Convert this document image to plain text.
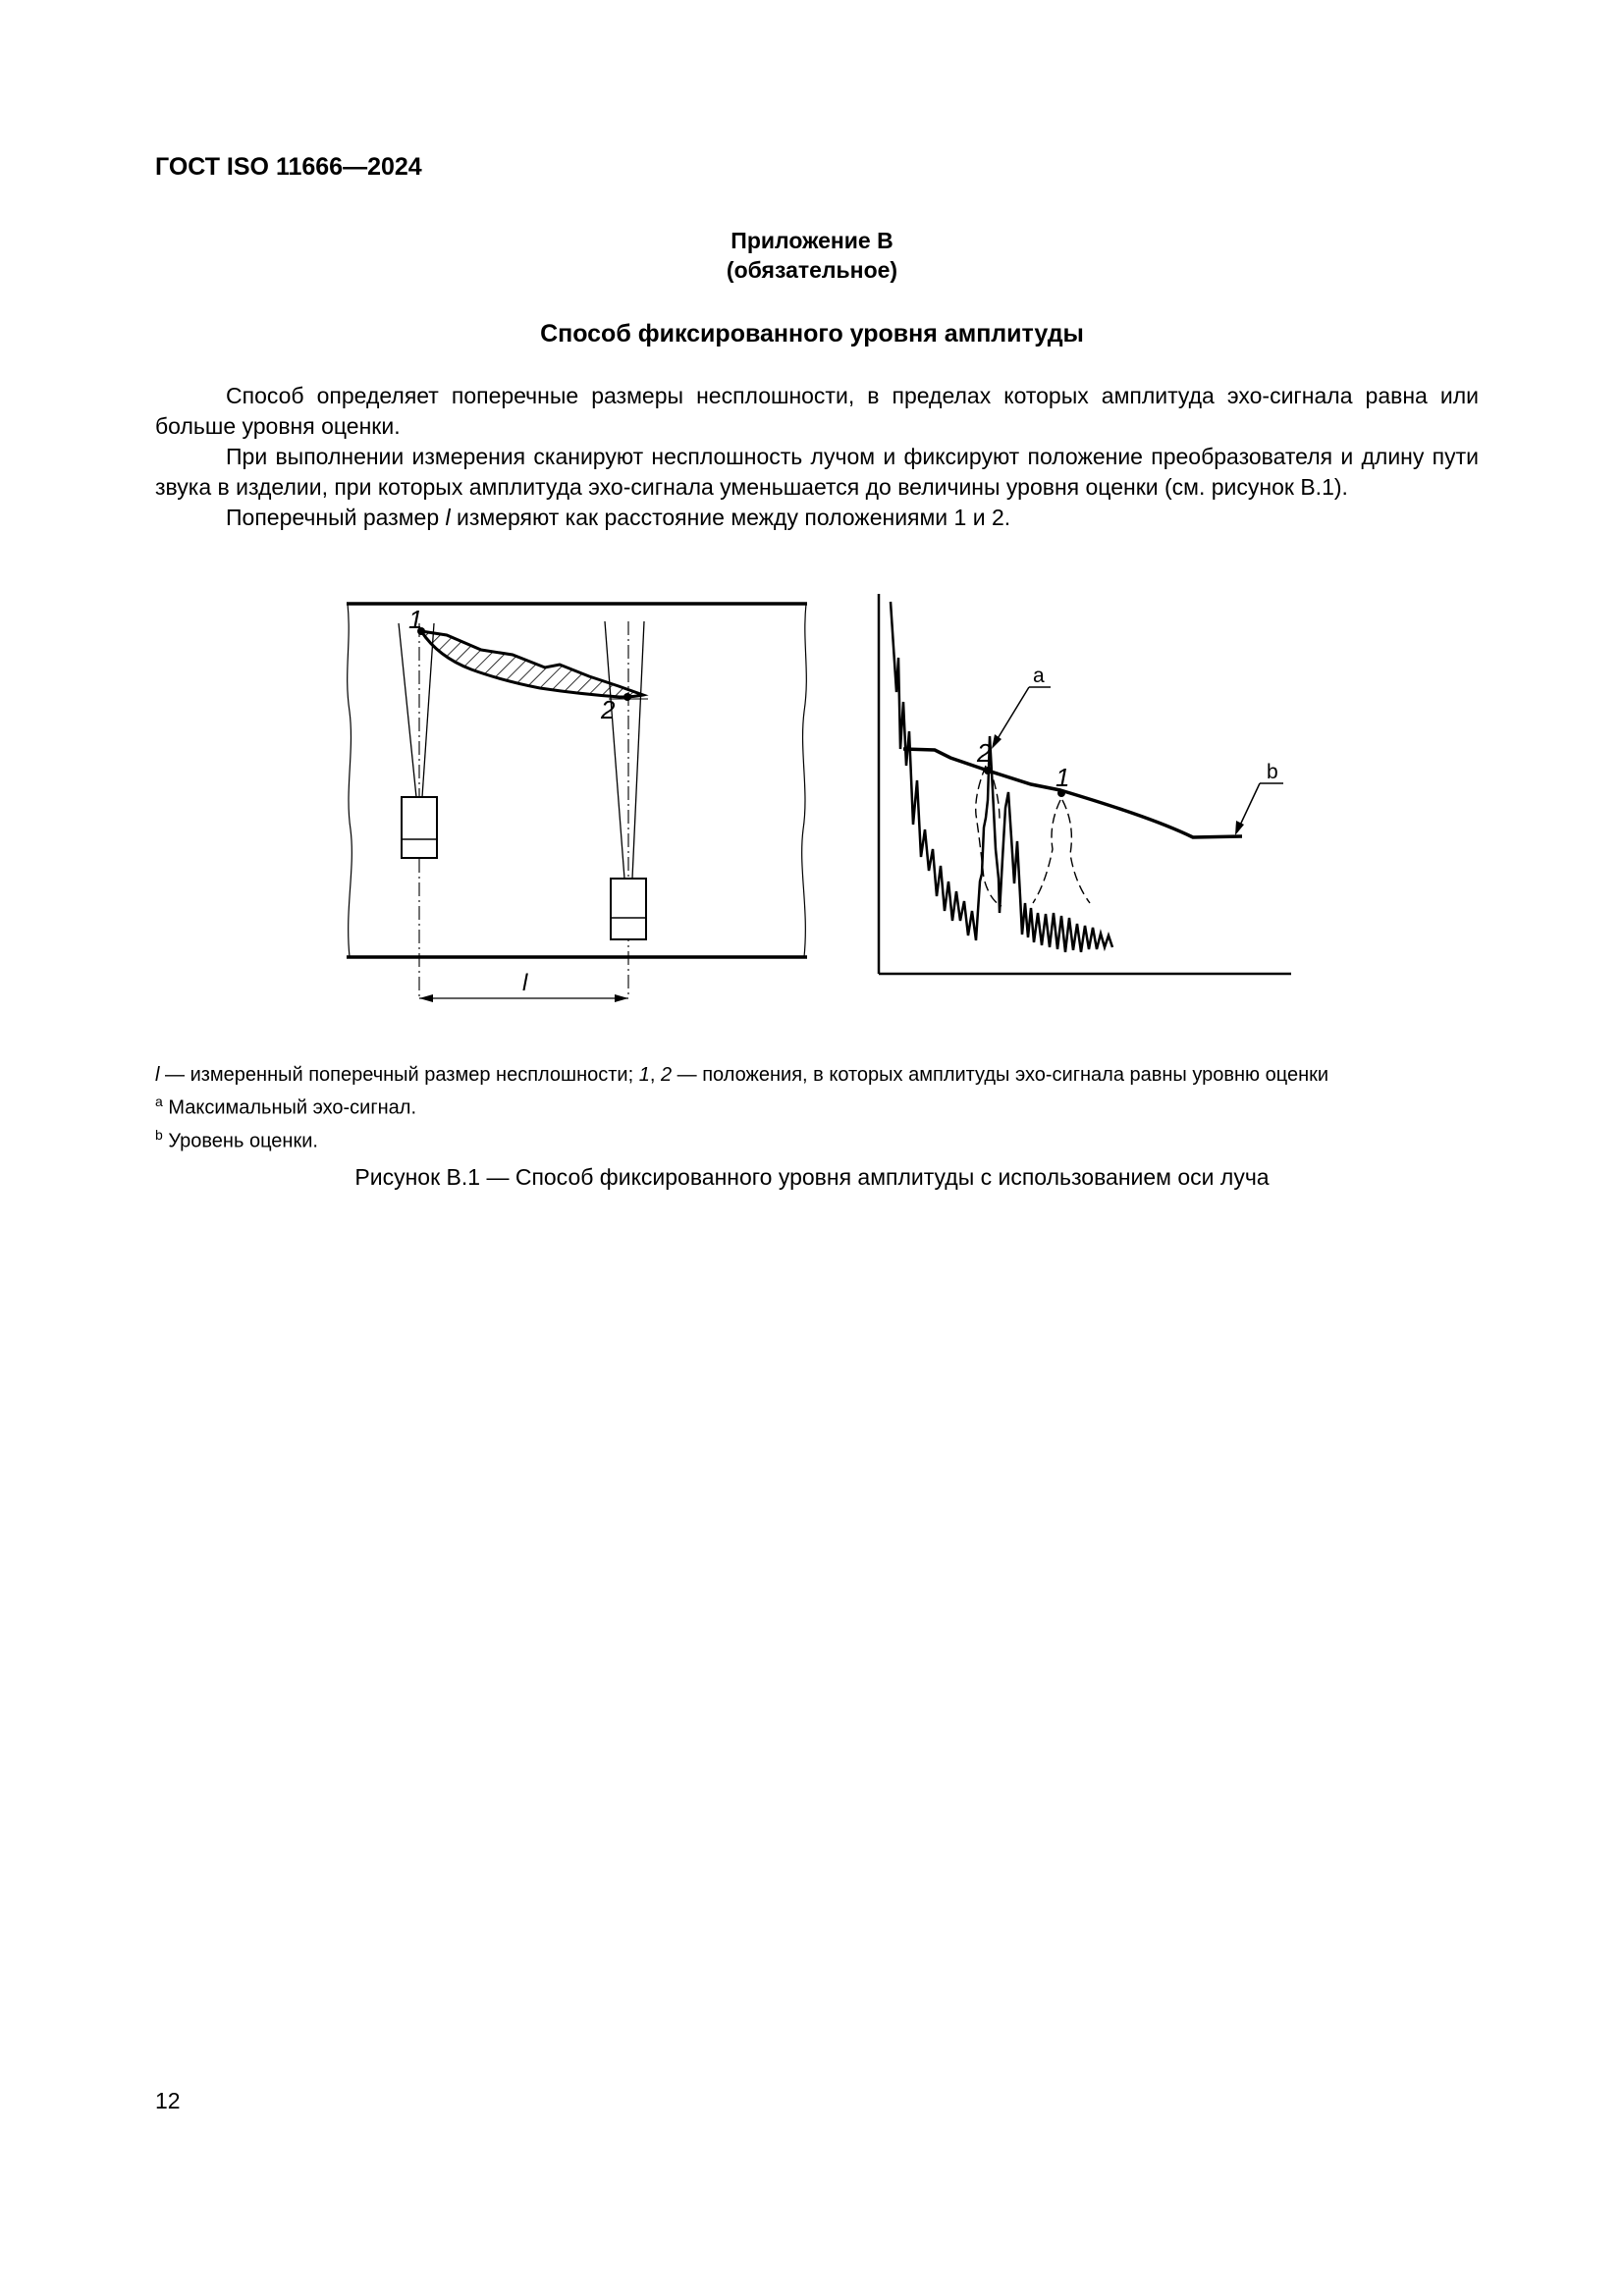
ГОСТ ISO 11666—2024
Приложение В
(обязательное)
Способ фиксированного уровня амплитуды

Способ определяет поперечные размеры несплошности, в пределах которых амплитуда эхо-сигнала равна или больше уровня оценки.

При выполнении измерения сканируют несплошность лучом и фиксируют положение преобразователя и длину пути звука в изделии, при которых амплитуда эхо-сигнала уменьшается до величины уровня оценки (см. рисунок В.1).

Поперечный размер l измеряют как расстояние между положениями 1 и 2.

1
2
l
2
1
a
b
l — измеренный поперечный размер несплошности; 1, 2 — положения, в которых амплитуды эхо-сигнала равны уровню оценки
$^a$ Максимальный эхо-сигнал.
$^b$ Уровень оценки.
Рисунок В.1 — Способ фиксированного уровня амплитуды с использованием оси луча
12
